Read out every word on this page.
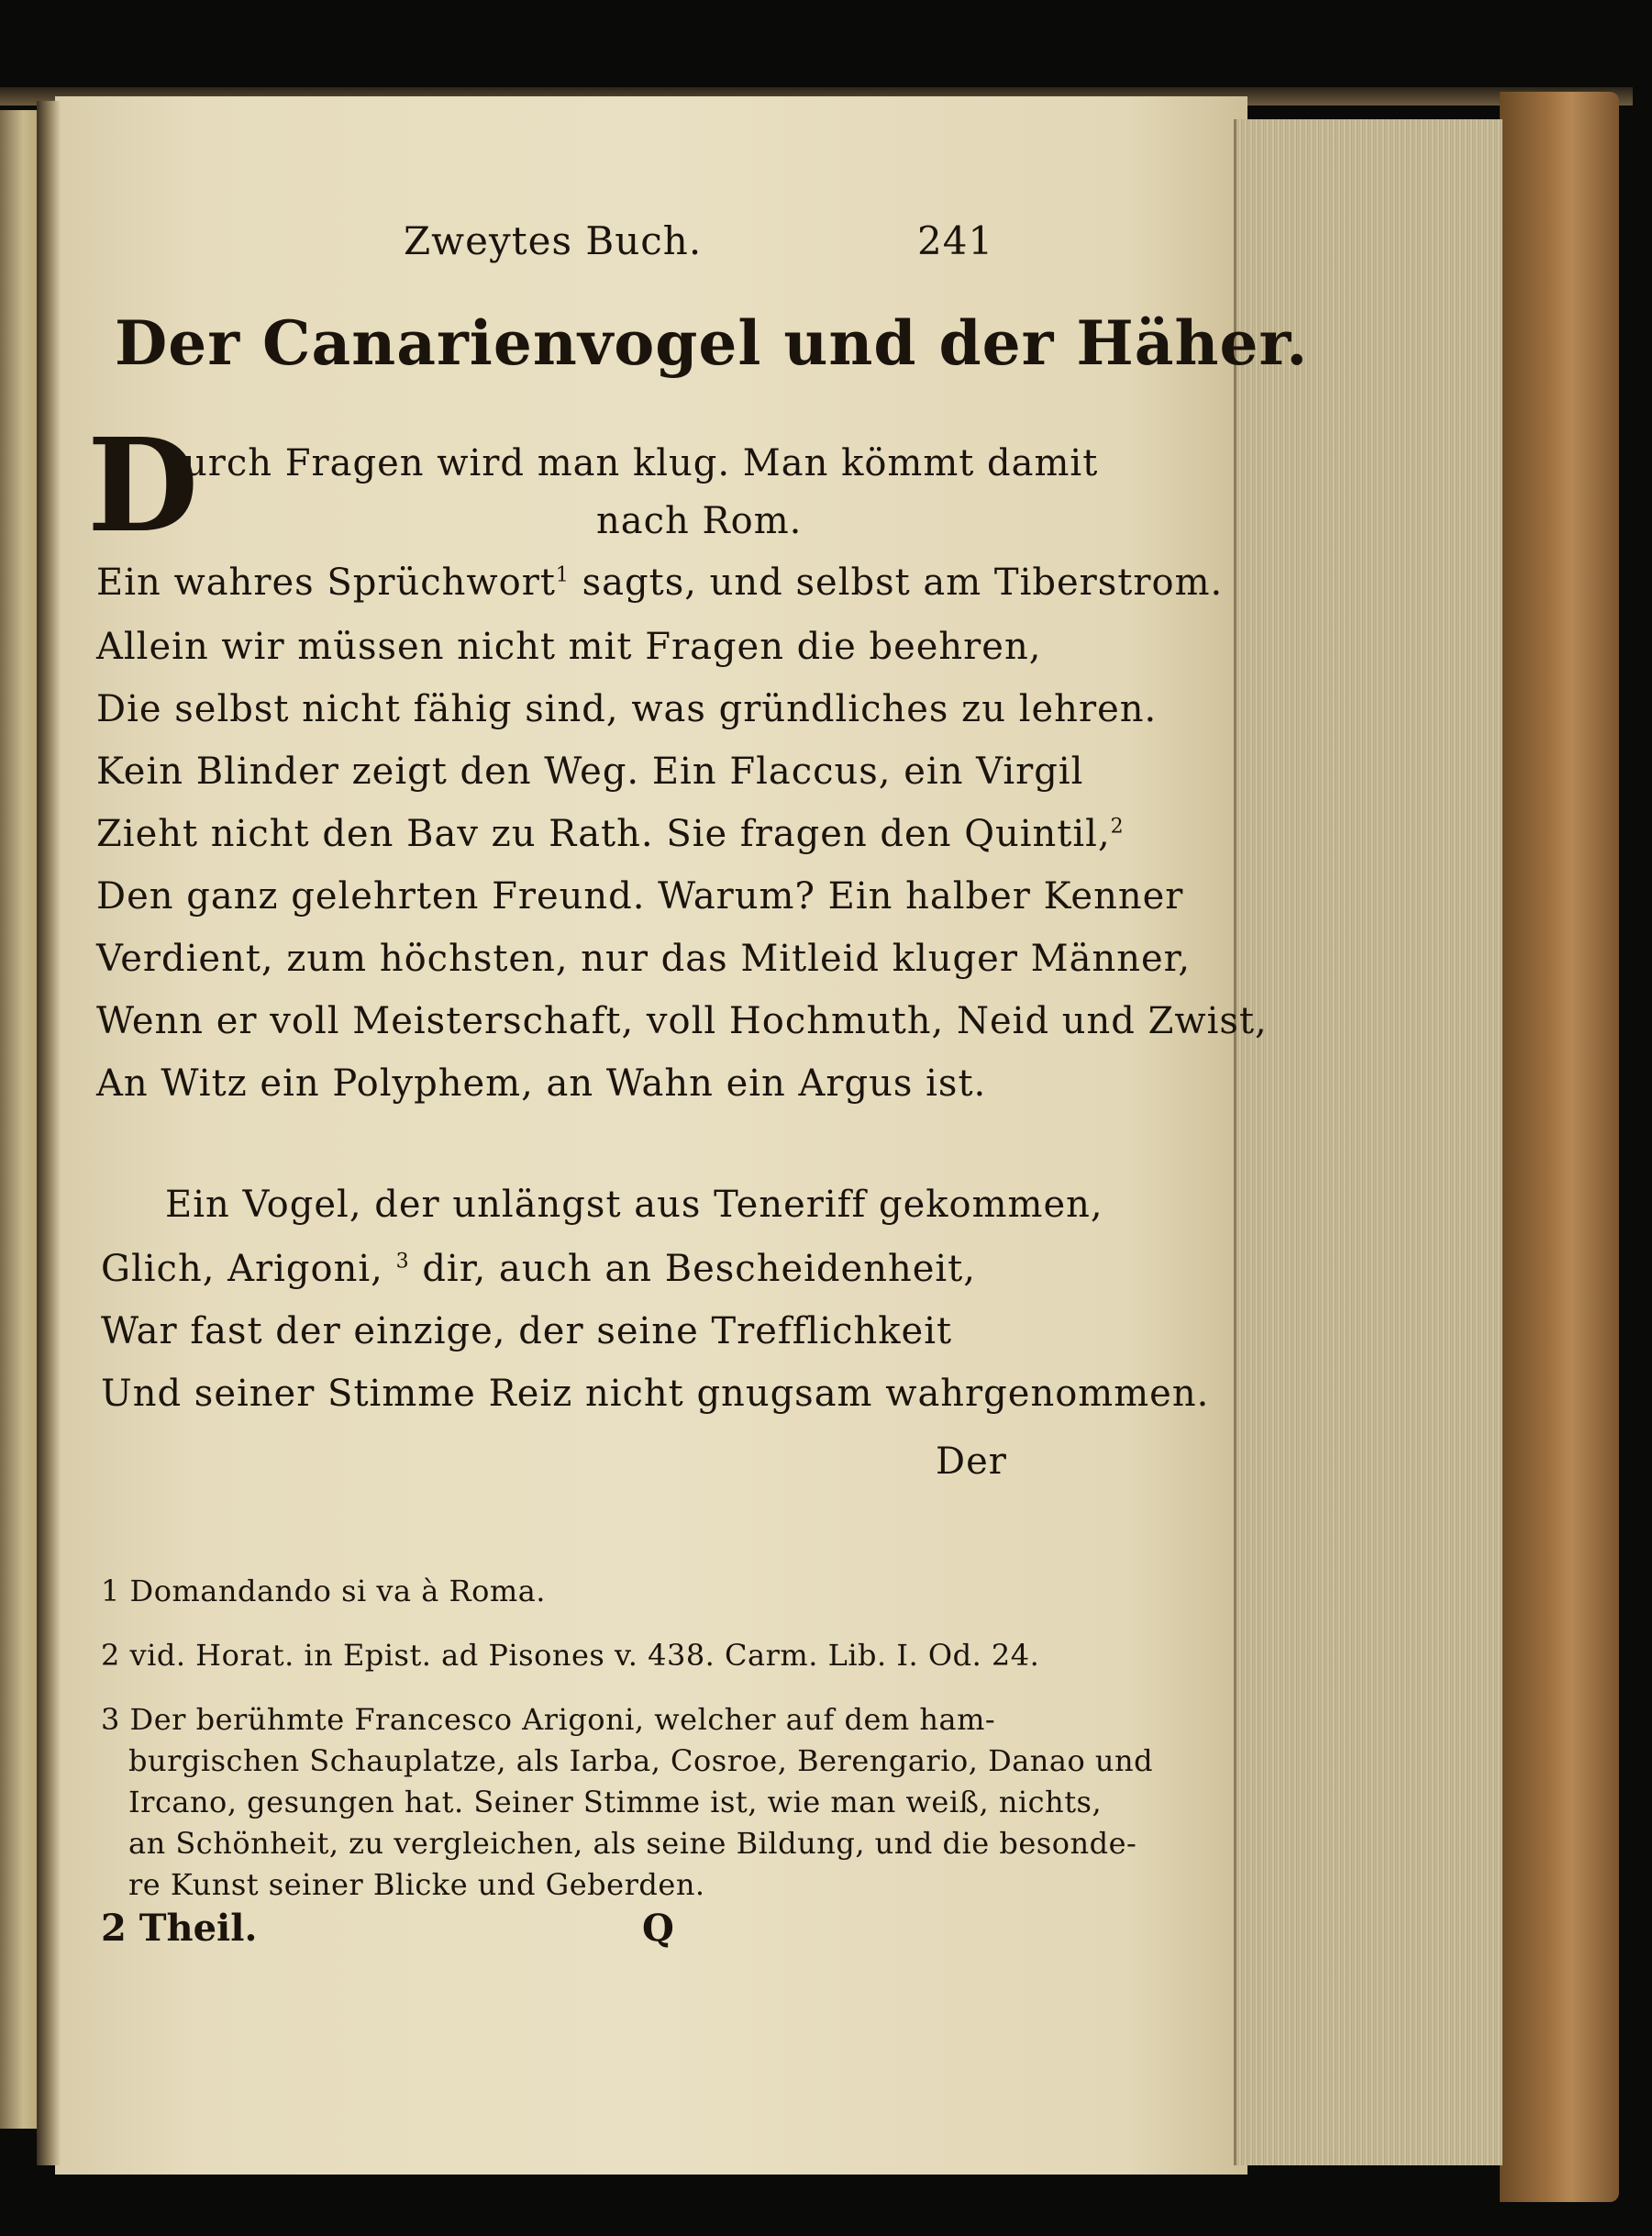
Zweytes Buch.	241
Der Canarienvogel und der Häher.
D
urch Fragen wird man klug. Man kömmt damit
nach Rom.
Ein wahres Sprüchwort$^1$ sagts, und selbst am Tiberstrom.
Allein wir müssen nicht mit Fragen die beehren,
Die selbst nicht fähig sind, was gründliches zu lehren.
Kein Blinder zeigt den Weg. Ein Flaccus, ein Virgil
Zieht nicht den Bav zu Rath. Sie fragen den Quintil,$^2$
Den ganz gelehrten Freund. Warum? Ein halber Kenner
Verdient, zum höchsten, nur das Mitleid kluger Männer,
Wenn er voll Meisterschaft, voll Hochmuth, Neid und Zwist,
An Witz ein Polyphem, an Wahn ein Argus ist.
Ein Vogel, der unlängst aus Teneriff gekommen,
Glich, Arigoni, $^3$ dir, auch an Bescheidenheit,
War fast der einzige, der seine Trefflichkeit
Und seiner Stimme Reiz nicht gnugsam wahrgenommen.
Der
1 Domandando si va à Roma.
2 vid. Horat. in Epist. ad Pisones v. 438. Carm. Lib. I. Od. 24.
3 Der berühmte Francesco Arigoni, welcher auf dem ham-
burgischen Schauplatze, als Iarba, Cosroe, Berengario, Danao und
Ircano, gesungen hat. Seiner Stimme ist, wie man weiß, nichts,
an Schönheit, zu vergleichen, als seine Bildung, und die besonde-
re Kunst seiner Blicke und Geberden.
2 Theil.	Q
